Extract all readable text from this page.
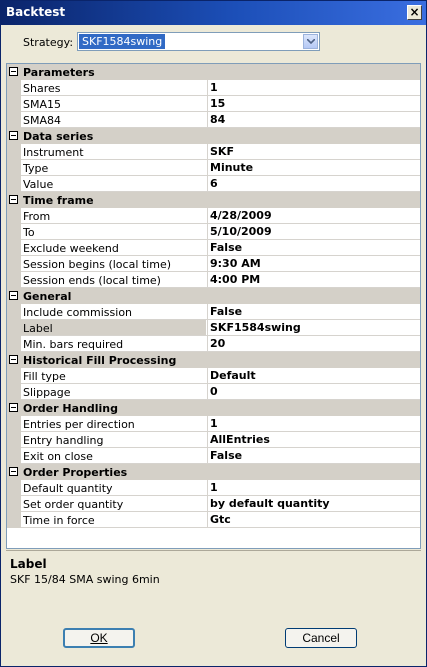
Backtest	×
Strategy: SKF1584swing
Parameters
Shares	1
SMA15	15
SMA84	84
Data series
Instrument	SKF
Type	Minute
Value	6
Time frame
From	4/28/2009
To	5/10/2009
Exclude weekend	False
Session begins (local time)	9:30 AM
Session ends (local time)	4:00 PM
General
Include commission	False
Label	SKF1584swing
Min. bars required	20
Historical Fill Processing
Fill type	Default
Slippage	0
Order Handling
Entries per direction	1
Entry handling	AllEntries
Exit on close	False
Order Properties
Default quantity	1
Set order quantity	by default quantity
Time in force	Gtc
Label
SKF 15/84 SMA swing 6min
OK	Cancel
